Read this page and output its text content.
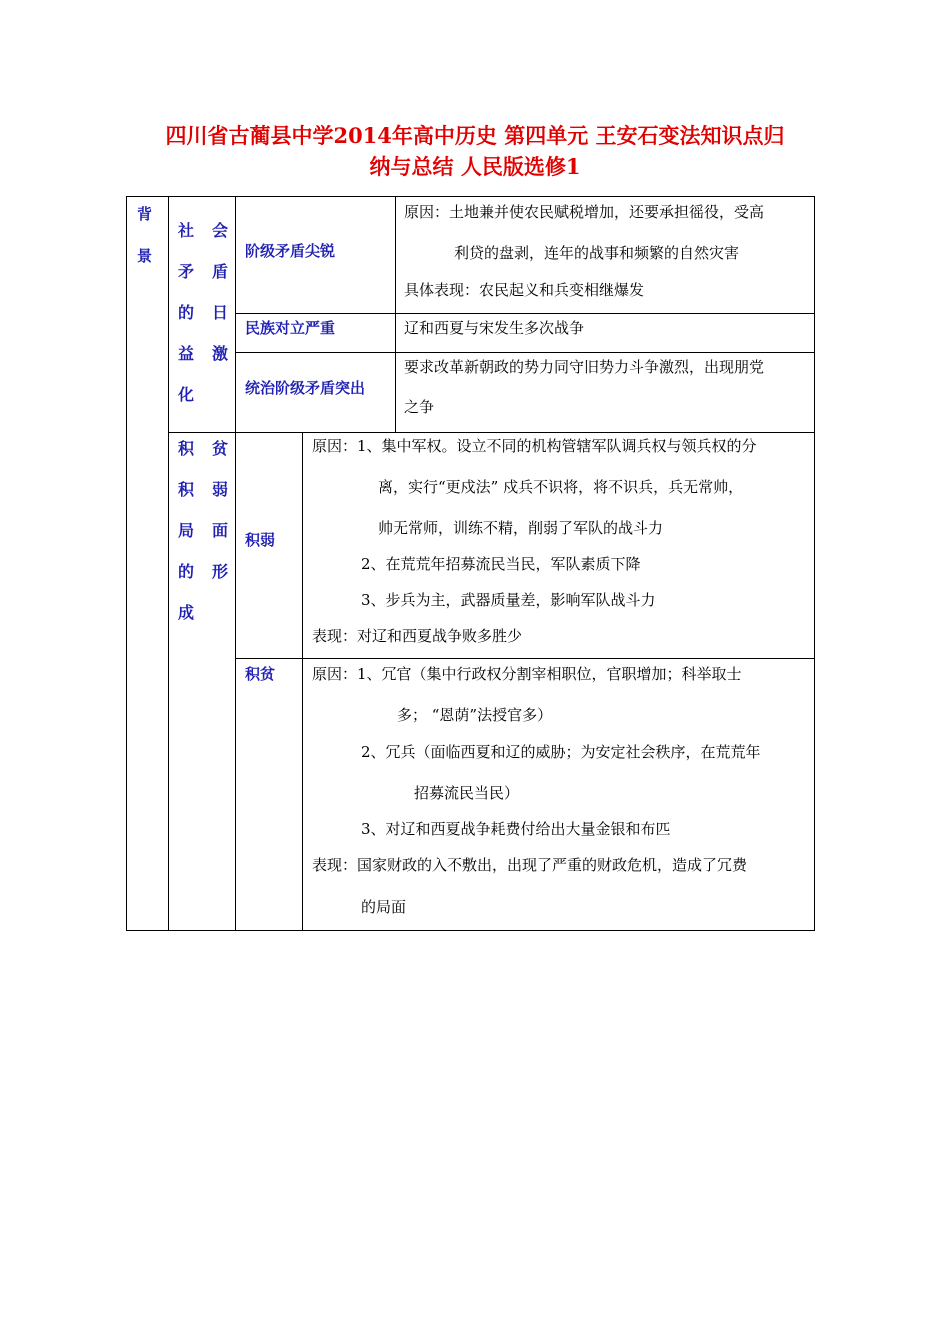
四川省古蔺县中学2014年高中历史 第四单元 王安石变法知识点归
纳与总结 人民版选修1
背
景
社 会
矛 盾
的 日
益 激
化
阶级矛盾尖锐
民族对立严重
统治阶级矛盾突出
原因：土地兼并使农民赋税增加，还要承担徭役，受高
利贷的盘剥，连年的战事和频繁的自然灾害
具体表现：农民起义和兵变相继爆发
辽和西夏与宋发生多次战争
要求改革新朝政的势力同守旧势力斗争激烈，出现朋党
之争
积 贫
积 弱
局 面
的 形
成
积弱
积贫
原因：1、集中军权。设立不同的机构管辖军队调兵权与领兵权的分
离，实行“更戍法” 戍兵不识将，将不识兵，兵无常帅，
帅无常师，训练不精，削弱了军队的战斗力
2、在荒荒年招募流民当民，军队素质下降
3、步兵为主，武器质量差，影响军队战斗力
表现：对辽和西夏战争败多胜少
原因：1、冗官（集中行政权分割宰相职位，官职增加；科举取士
多； “恩荫”法授官多）
2、冗兵（面临西夏和辽的威胁；为安定社会秩序，在荒荒年
招募流民当民）
3、对辽和西夏战争耗费付给出大量金银和布匹
表现：国家财政的入不敷出，出现了严重的财政危机，造成了冗费
的局面
